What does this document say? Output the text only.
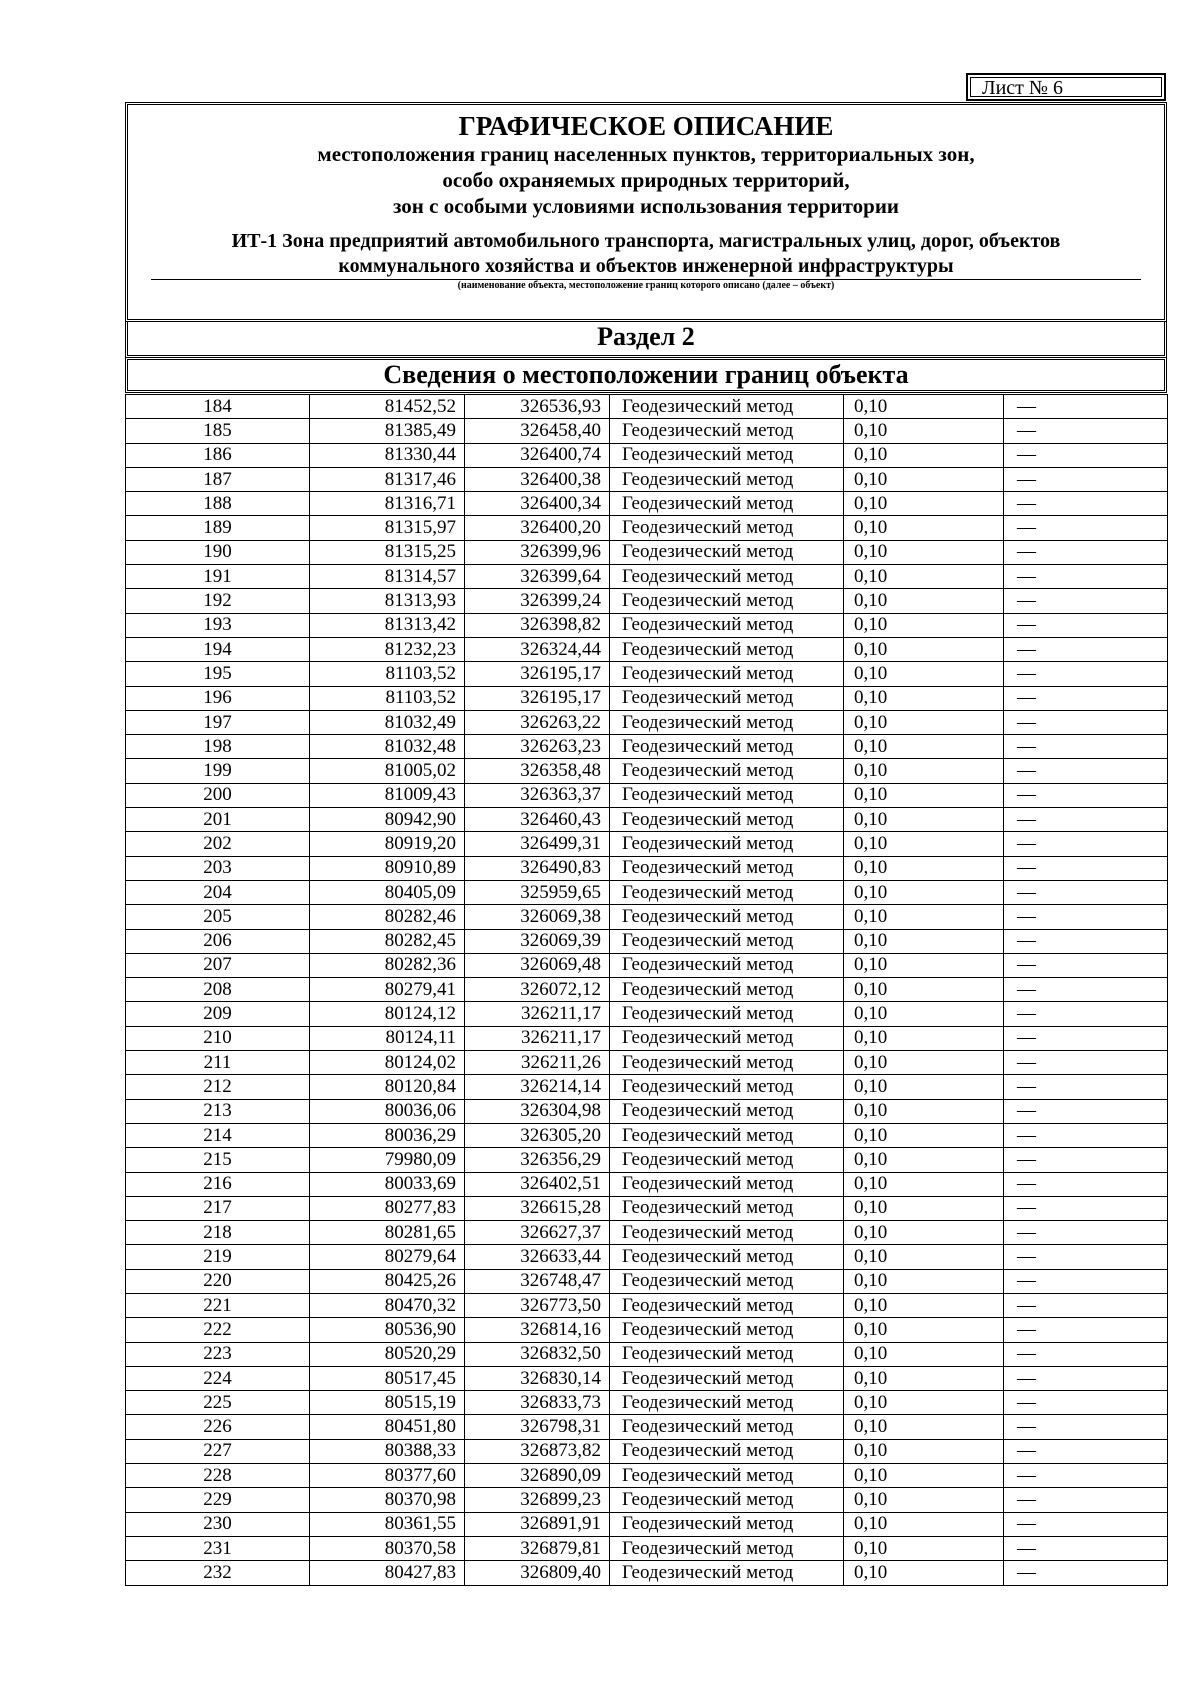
Лист № 6
ГРАФИЧЕСКОЕ ОПИСАНИЕ
местоположения границ населенных пунктов, территориальных зон,
особо охраняемых природных территорий,
зон с особыми условиями использования территории
ИТ-1 Зона предприятий автомобильного транспорта, магистральных улиц, дорог, объектов
коммунального хозяйства и объектов инженерной инфраструктуры
(наименование объекта, местоположение границ которого описано (далее – объект)
Раздел 2
Сведения о местоположении границ объекта
184	81452,52	326536,93	Геодезический метод	0,10	—
185	81385,49	326458,40	Геодезический метод	0,10	—
186	81330,44	326400,74	Геодезический метод	0,10	—
187	81317,46	326400,38	Геодезический метод	0,10	—
188	81316,71	326400,34	Геодезический метод	0,10	—
189	81315,97	326400,20	Геодезический метод	0,10	—
190	81315,25	326399,96	Геодезический метод	0,10	—
191	81314,57	326399,64	Геодезический метод	0,10	—
192	81313,93	326399,24	Геодезический метод	0,10	—
193	81313,42	326398,82	Геодезический метод	0,10	—
194	81232,23	326324,44	Геодезический метод	0,10	—
195	81103,52	326195,17	Геодезический метод	0,10	—
196	81103,52	326195,17	Геодезический метод	0,10	—
197	81032,49	326263,22	Геодезический метод	0,10	—
198	81032,48	326263,23	Геодезический метод	0,10	—
199	81005,02	326358,48	Геодезический метод	0,10	—
200	81009,43	326363,37	Геодезический метод	0,10	—
201	80942,90	326460,43	Геодезический метод	0,10	—
202	80919,20	326499,31	Геодезический метод	0,10	—
203	80910,89	326490,83	Геодезический метод	0,10	—
204	80405,09	325959,65	Геодезический метод	0,10	—
205	80282,46	326069,38	Геодезический метод	0,10	—
206	80282,45	326069,39	Геодезический метод	0,10	—
207	80282,36	326069,48	Геодезический метод	0,10	—
208	80279,41	326072,12	Геодезический метод	0,10	—
209	80124,12	326211,17	Геодезический метод	0,10	—
210	80124,11	326211,17	Геодезический метод	0,10	—
211	80124,02	326211,26	Геодезический метод	0,10	—
212	80120,84	326214,14	Геодезический метод	0,10	—
213	80036,06	326304,98	Геодезический метод	0,10	—
214	80036,29	326305,20	Геодезический метод	0,10	—
215	79980,09	326356,29	Геодезический метод	0,10	—
216	80033,69	326402,51	Геодезический метод	0,10	—
217	80277,83	326615,28	Геодезический метод	0,10	—
218	80281,65	326627,37	Геодезический метод	0,10	—
219	80279,64	326633,44	Геодезический метод	0,10	—
220	80425,26	326748,47	Геодезический метод	0,10	—
221	80470,32	326773,50	Геодезический метод	0,10	—
222	80536,90	326814,16	Геодезический метод	0,10	—
223	80520,29	326832,50	Геодезический метод	0,10	—
224	80517,45	326830,14	Геодезический метод	0,10	—
225	80515,19	326833,73	Геодезический метод	0,10	—
226	80451,80	326798,31	Геодезический метод	0,10	—
227	80388,33	326873,82	Геодезический метод	0,10	—
228	80377,60	326890,09	Геодезический метод	0,10	—
229	80370,98	326899,23	Геодезический метод	0,10	—
230	80361,55	326891,91	Геодезический метод	0,10	—
231	80370,58	326879,81	Геодезический метод	0,10	—
232	80427,83	326809,40	Геодезический метод	0,10	—
